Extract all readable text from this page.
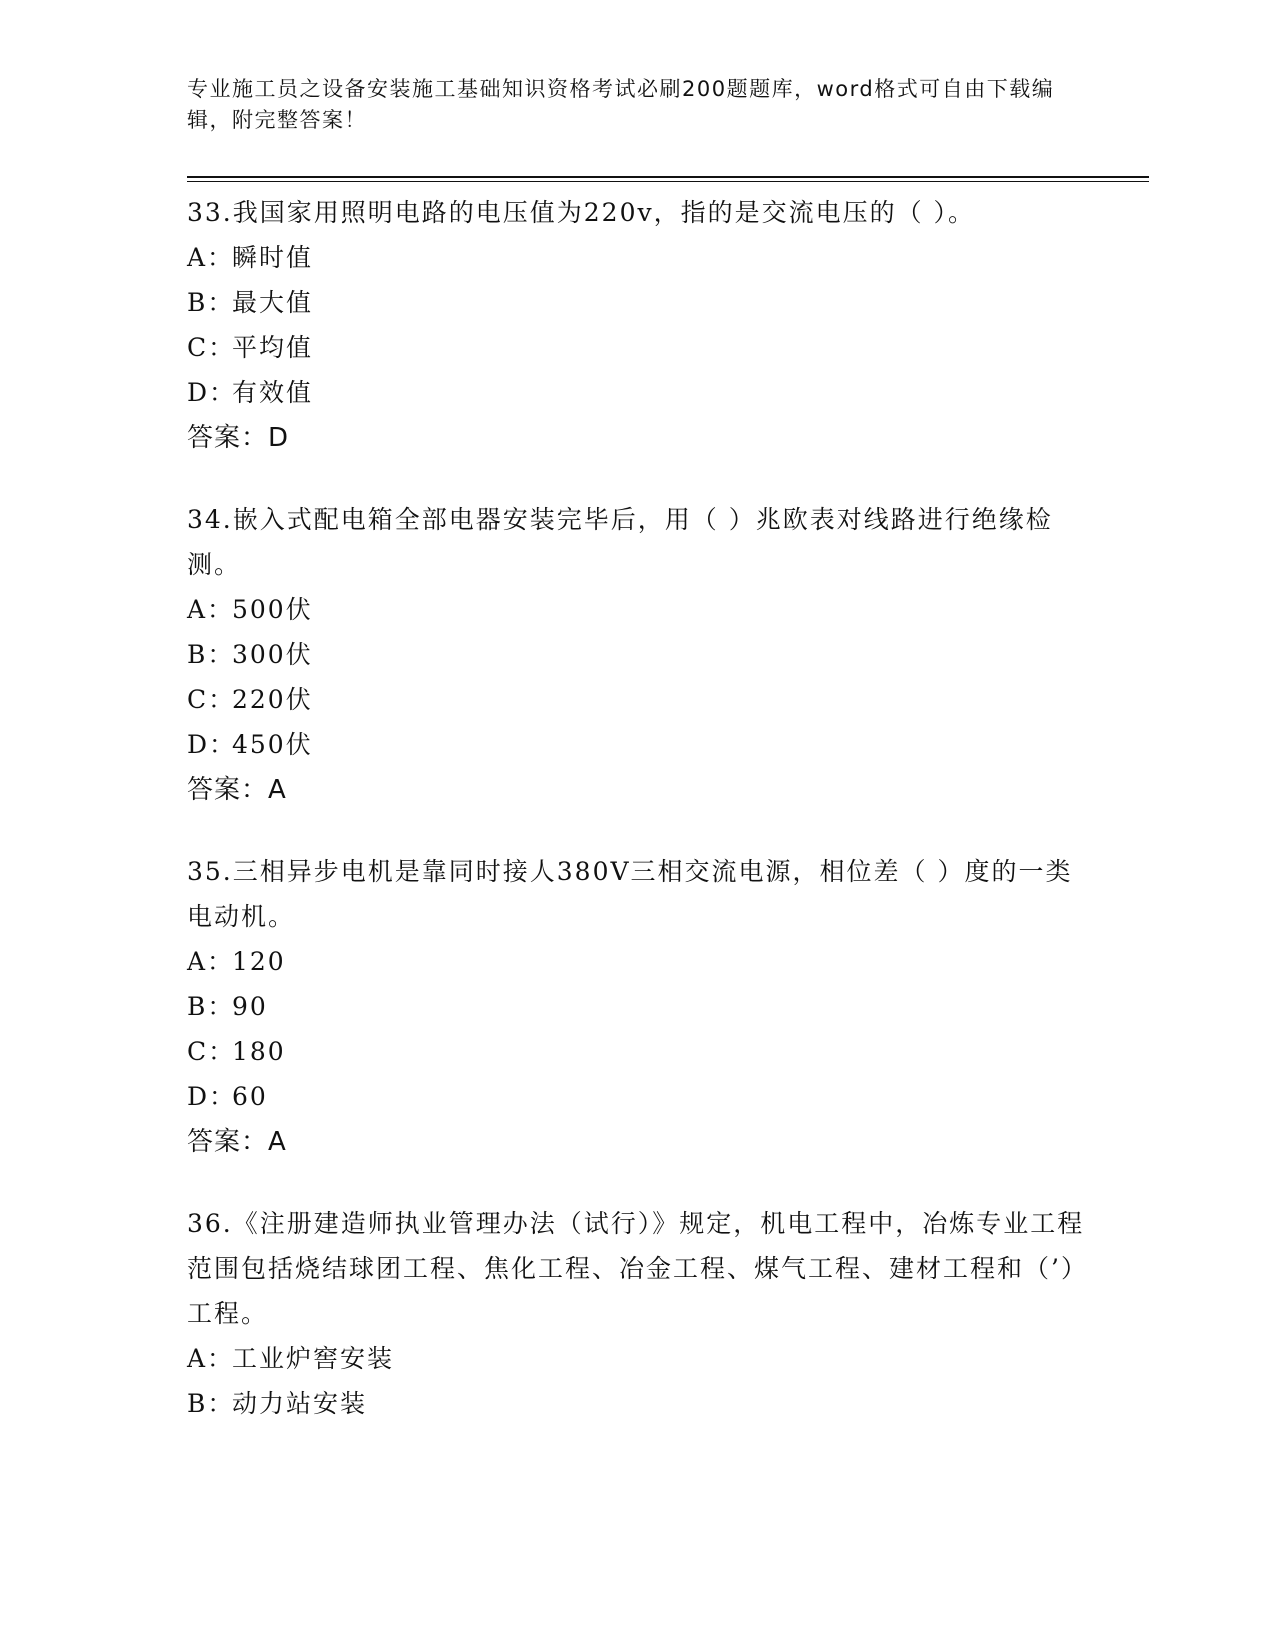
专业施工员之设备安装施工基础知识资格考试必刷200题题库，word格式可自由下载编辑，附完整答案！

33.我国家用照明电路的电压值为220v，指的是交流电压的（ ）。

A：
瞬时值
B：
最大值
C：
平均值
D：
有效值
答案：D

34.嵌入式配电箱全部电器安装完毕后，用（ ）兆欧表对线路进行绝缘检测。

A：
500伏
B：
300伏
C：
220伏
D：
450伏
答案：A

35.三相异步电机是靠同时接人380V三相交流电源，相位差（ ）度的一类电动机。

A：
120
B：
90
C：
180
D：
60
答案：A

36.《注册建造师执业管理办法（试行）》规定，机电工程中，冶炼专业工程范围包括烧结球团工程、焦化工程、冶金工程、煤气工程、建材工程和（’）工程。

A：
工业炉窖安装
B：
动力站安装
